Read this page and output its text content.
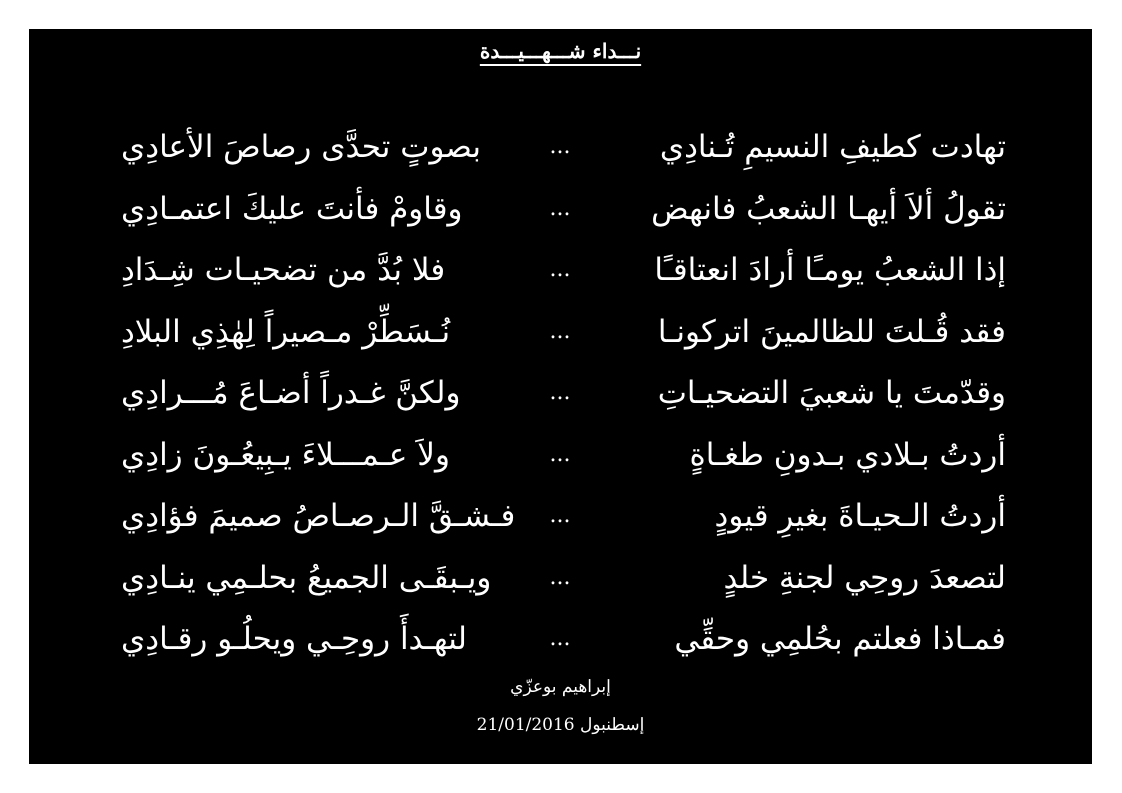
نـــداء شـــهـــيـــدة
تهادت كطيفِ النسيمِ تُـنادِي
...
بصوتٍ تحدَّى رصاصَ الأعادِي
تقولُ ألاَ أيهـا الشعبُ فانهض
...
وقاومْ فأنتَ عليكَ اعتمـادِي
إذا الشعبُ يومـًا أرادَ انعتاقـًا
...
فلا بُدَّ من تضحيـات شِـدَادِ
فقد قُـلتَ للظالمينَ اتركونـا
...
نُـسَطِّرْ مـصيراً لِهٰذِي البلادِ
وقدّمتَ يا شعبيَ التضحيـاتِ
...
ولكنَّ غـدراً أضـاعَ مُـــرادِي
أردتُ بـلادي بـدونِ طغـاةٍ
...
ولاَ عـمـــلاءَ يـبِيعُـونَ زادِي
أردتُ الـحيـاةَ بغيرِ قيودٍ
...
فـشـقَّ الـرصـاصُ صميمَ فؤادِي
لتصعدَ روحِي لجنةِ خلدٍ
...
ويـبقَـى الجميعُ بحلـمِي ينـادِي
فمـاذا فعلتم بحُلمِي وحقِّي
...
لتهـدأَ روحِـي ويحلُـو رقـادِي
إبراهيم بوعزّي
إسطنبول 21/01/2016
